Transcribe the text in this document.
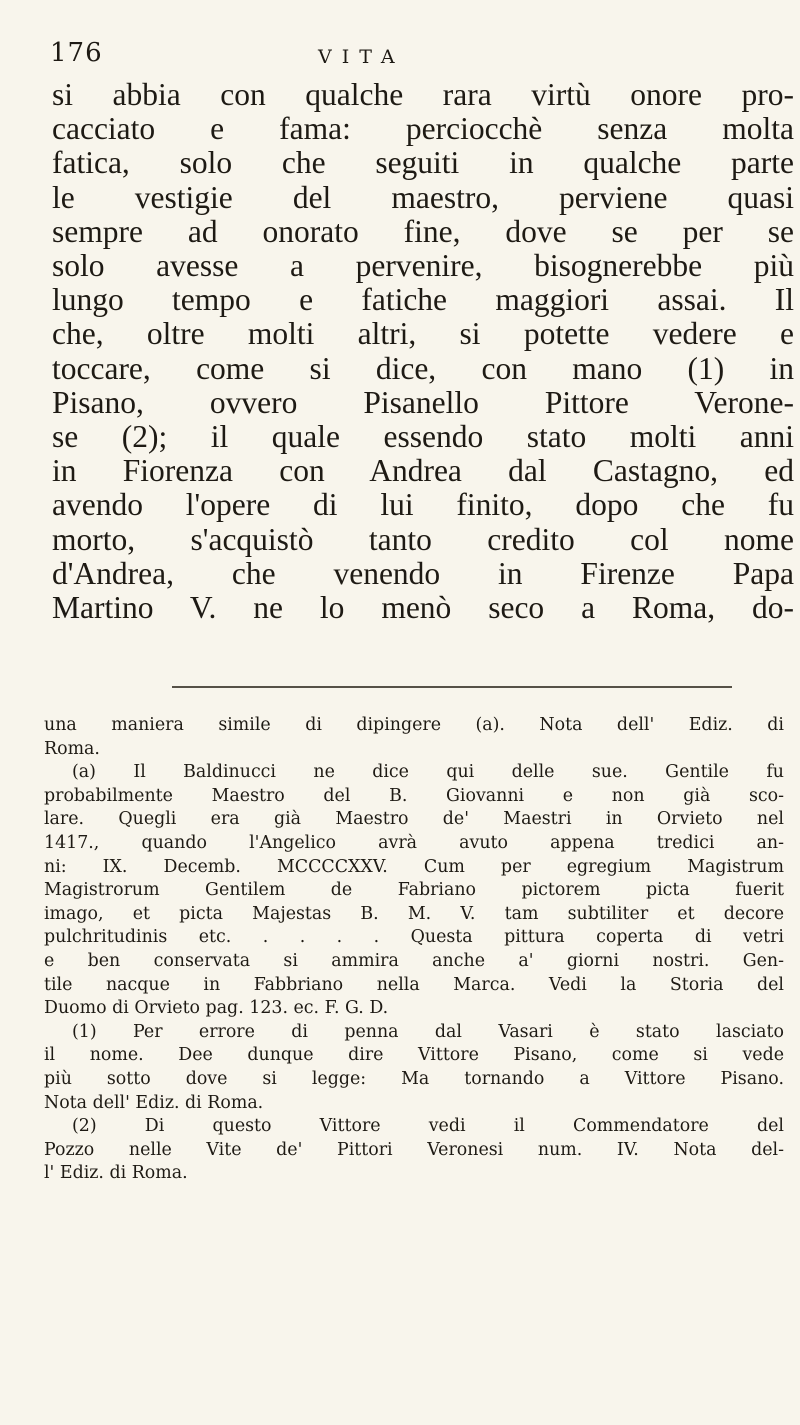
176	VITA
si abbia con qualche rara virtù onore pro-
cacciato e fama: perciocchè senza molta
fatica, solo che seguiti in qualche parte
le vestigie del maestro, perviene quasi
sempre ad onorato fine, dove se per se
solo avesse a pervenire, bisognerebbe più
lungo tempo e fatiche maggiori assai. Il
che, oltre molti altri, si potette vedere e
toccare, come si dice, con mano (1) in
Pisano, ovvero Pisanello Pittore Verone-
se (2); il quale essendo stato molti anni
in Fiorenza con Andrea dal Castagno, ed
avendo l'opere di lui finito, dopo che fu
morto, s'acquistò tanto credito col nome
d'Andrea, che venendo in Firenze Papa
Martino V. ne lo menò seco a Roma, do-
una maniera simile di dipingere (a). Nota dell' Ediz. di
Roma.
(a) Il Baldinucci ne dice qui delle sue. Gentile fu
probabilmente Maestro del B. Giovanni e non già sco-
lare. Quegli era già Maestro de' Maestri in Orvieto nel
1417., quando l'Angelico avrà avuto appena tredici an-
ni: IX. Decemb. MCCCCXXV. Cum per egregium Magistrum
Magistrorum Gentilem de Fabriano pictorem picta fuerit
imago, et picta Majestas B. M. V. tam subtiliter et decore
pulchritudinis etc. . . . . Questa pittura coperta di vetri
e ben conservata si ammira anche a' giorni nostri. Gen-
tile nacque in Fabbriano nella Marca. Vedi la Storia del
Duomo di Orvieto pag. 123. ec. F. G. D.
(1) Per errore di penna dal Vasari è stato lasciato
il nome. Dee dunque dire Vittore Pisano, come si vede
più sotto dove si legge: Ma tornando a Vittore Pisano.
Nota dell' Ediz. di Roma.
(2) Di questo Vittore vedi il Commendatore del
Pozzo nelle Vite de' Pittori Veronesi num. IV. Nota del-
l' Ediz. di Roma.
